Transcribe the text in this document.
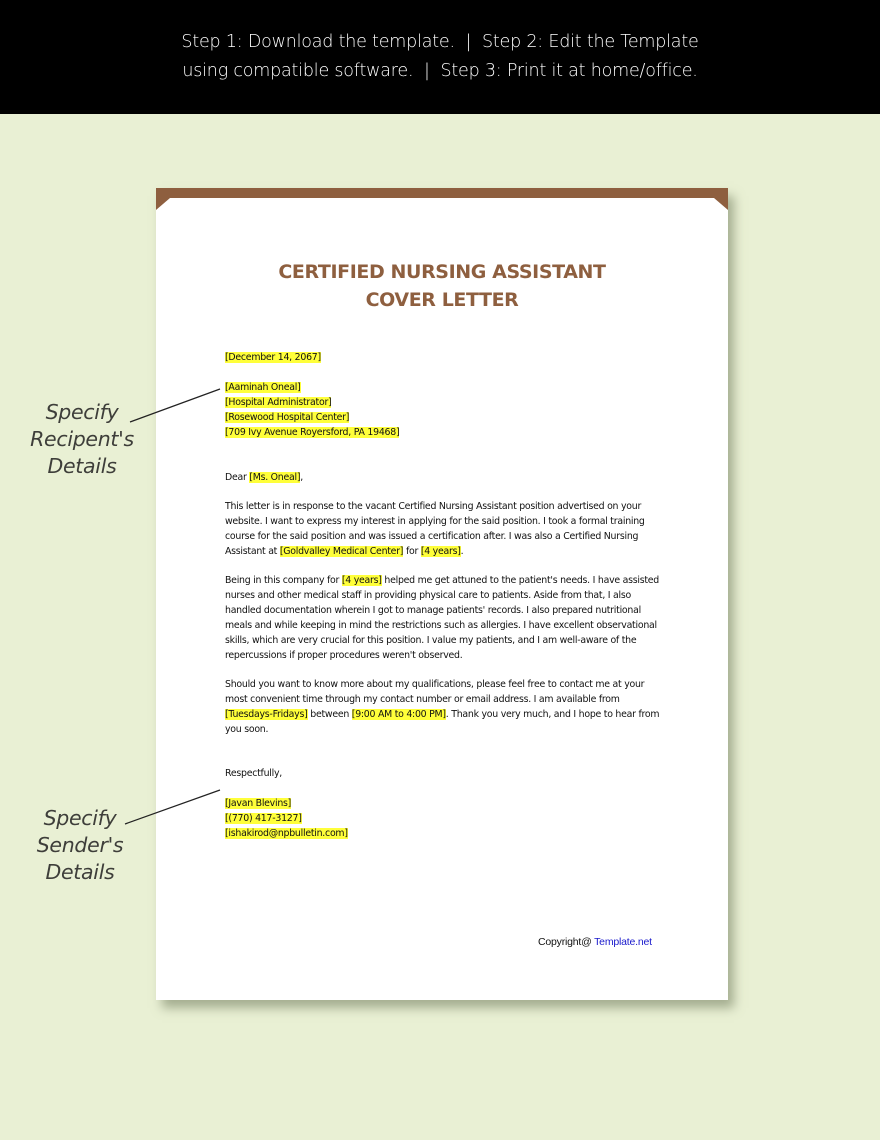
Step 1: Download the template.  |  Step 2: Edit the Template
using compatible software.  |  Step 3: Print it at home/office.
CERTIFIED NURSING ASSISTANT
COVER LETTER
[December 14, 2067]
[Aaminah Oneal]
[Hospital Administrator]
[Rosewood Hospital Center]
[709 Ivy Avenue Royersford, PA 19468]

Dear [Ms. Oneal],

This letter is in response to the vacant Certified Nursing Assistant position advertised on your website. I want to express my interest in applying for the said position. I took a formal training course for the said position and was issued a certification after. I was also a Certified Nursing Assistant at [Goldvalley Medical Center] for [4 years].

Being in this company for [4 years] helped me get attuned to the patient's needs. I have assisted nurses and other medical staff in providing physical care to patients. Aside from that, I also handled documentation wherein I got to manage patients' records. I also prepared nutritional meals and while keeping in mind the restrictions such as allergies. I have excellent observational skills, which are very crucial for this position. I value my patients, and I am well-aware of the repercussions if proper procedures weren't observed.

Should you want to know more about my qualifications, please feel free to contact me at your most convenient time through my contact number or email address. I am available from [Tuesdays-Fridays] between [9:00 AM to 4:00 PM]. Thank you very much, and I hope to hear from you soon.

Respectfully,
[Javan Blevins]
[(770) 417-3127]
[ishakirod@npbulletin.com]
Copyright@ Template.net
Specify
Recipent's
Details
Specify
Sender's
Details
